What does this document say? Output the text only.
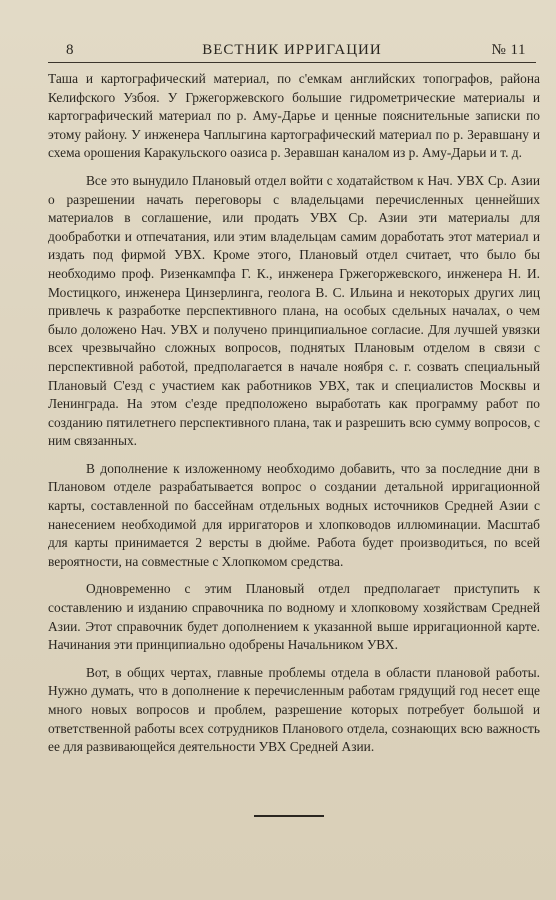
8	ВЕСТНИК ИРРИГАЦИИ	№ 11

Таша и картографический материал, по с'емкам английских топографов, района Келифского Узбоя. У Гржегоржевского большие гидрометрические материалы и картографический материал по р. Аму-Дарье и ценные пояснительные записки по этому району. У инженера Чаплыгина картографический материал по р. Зеравшану и схема орошения Каракульского оазиса р. Зеравшан каналом из р. Аму-Дарьи и т. д.

Все это вынудило Плановый отдел войти с ходатайством к Нач. УВХ Ср. Азии о разрешении начать переговоры с владельцами перечисленных ценнейших материалов в соглашение, или продать УВХ Ср. Азии эти материалы для дообработки и отпечатания, или этим владельцам самим доработать этот материал и издать под фирмой УВХ. Кроме этого, Плановый отдел считает, что было бы необходимо проф. Ризенкампфа Г. К., инженера Гржегоржевского, инженера Н. И. Мостицкого, инженера Цинзерлинга, геолога В. С. Ильина и некоторых других лиц привлечь к разработке перспективного плана, на особых сдельных началах, о чем было доложено Нач. УВХ и получено принципиальное согласие. Для лучшей увязки всех чрезвычайно сложных вопросов, поднятых Плановым отделом в связи с перспективной работой, предполагается в начале ноября с. г. созвать специальный Плановый С'езд с участием как работников УВХ, так и специалистов Москвы и Ленинграда. На этом с'езде предположено выработать как программу работ по созданию пятилетнего перспективного плана, так и разрешить всю сумму вопросов, с ним связанных.

В дополнение к изложенному необходимо добавить, что за последние дни в Плановом отделе разрабатывается вопрос о создании детальной ирригационной карты, составленной по бассейнам отдельных водных источников Средней Азии с нанесением необходимой для ирригаторов и хлопководов иллюминации. Масштаб для карты принимается 2 версты в дюйме. Работа будет производиться, по всей вероятности, на совместные с Хлопкомом средства.

Одновременно с этим Плановый отдел предполагает приступить к составлению и изданию справочника по водному и хлопковому хозяйствам Средней Азии. Этот справочник будет дополнением к указанной выше ирригационной карте. Начинания эти принципиально одобрены Начальником УВХ.

Вот, в общих чертах, главные проблемы отдела в области плановой работы. Нужно думать, что в дополнение к перечисленным работам грядущий год несет еще много новых вопросов и проблем, разрешение которых потребует большой и ответственной работы всех сотрудников Планового отдела, сознающих всю важность ее для развивающейся деятельности УВХ Средней Азии.
